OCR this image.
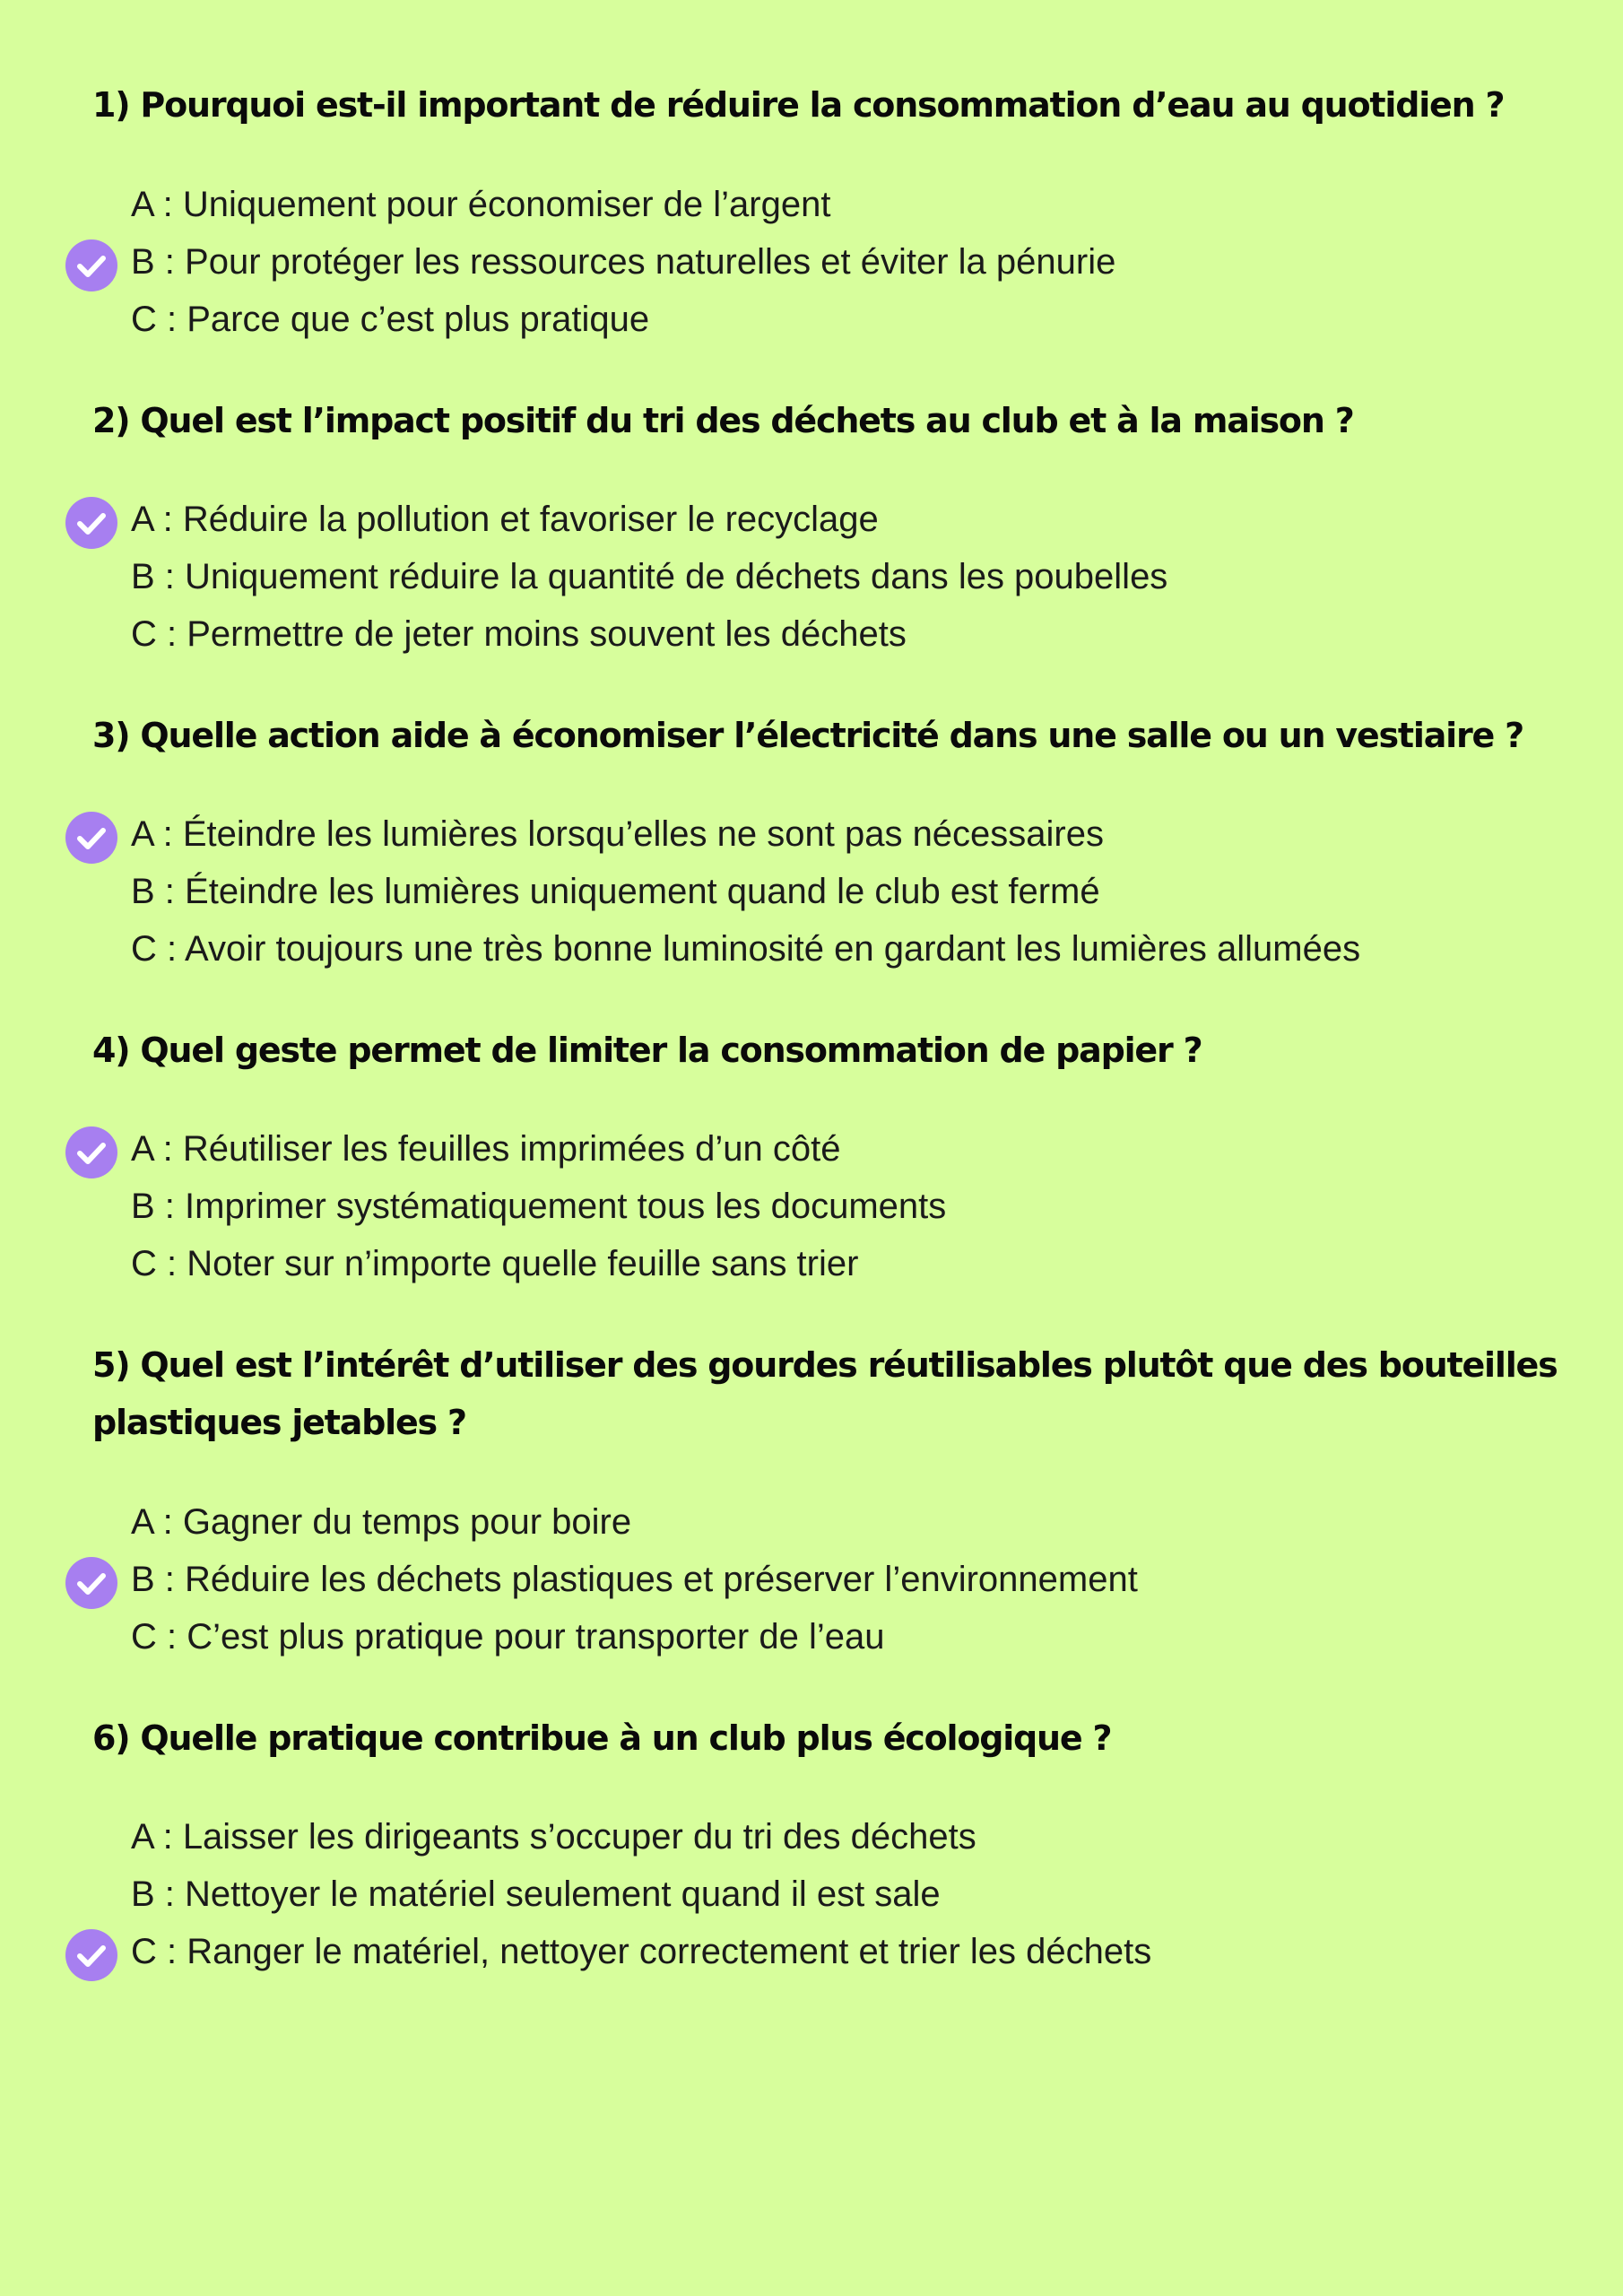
1) Pourquoi est-il important de réduire la consommation d’eau au quotidien ?
A : Uniquement pour économiser de l’argent
B : Pour protéger les ressources naturelles et éviter la pénurie
C : Parce que c’est plus pratique
2) Quel est l’impact positif du tri des déchets au club et à la maison ?
A : Réduire la pollution et favoriser le recyclage
B : Uniquement réduire la quantité de déchets dans les poubelles
C : Permettre de jeter moins souvent les déchets
3) Quelle action aide à économiser l’électricité dans une salle ou un vestiaire ?
A : Éteindre les lumières lorsqu’elles ne sont pas nécessaires
B : Éteindre les lumières uniquement quand le club est fermé
C : Avoir toujours une très bonne luminosité en gardant les lumières allumées
4) Quel geste permet de limiter la consommation de papier ?
A : Réutiliser les feuilles imprimées d’un côté
B : Imprimer systématiquement tous les documents
C : Noter sur n’importe quelle feuille sans trier
5) Quel est l’intérêt d’utiliser des gourdes réutilisables plutôt que des bouteilles plastiques jetables ?
A : Gagner du temps pour boire
B : Réduire les déchets plastiques et préserver l’environnement
C : C’est plus pratique pour transporter de l’eau
6) Quelle pratique contribue à un club plus écologique ?
A : Laisser les dirigeants s’occuper du tri des déchets
B : Nettoyer le matériel seulement quand il est sale
C : Ranger le matériel, nettoyer correctement et trier les déchets
